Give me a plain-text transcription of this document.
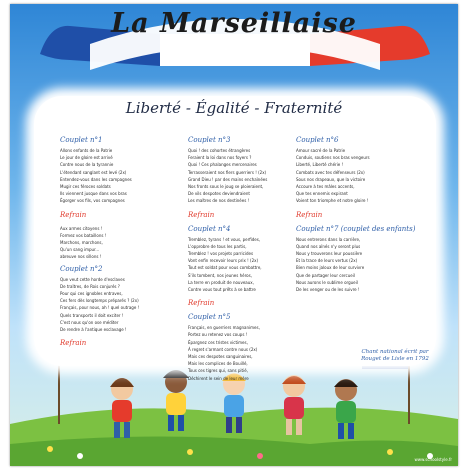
La Marseillaise
Liberté - Égalité - Fraternité
Couplet n°1
Allons enfants de la Patrie
Le jour de gloire est arrivé
Contre nous de la tyrannie
L'étendard sanglant est levé (2x)
Entendez-vous dans les campagnes
Mugir ces féroces soldats
Ils viennent jusque dans vos bras
Égorger vos fils, vos compagnes
Refrain
Aux armes citoyens !
Formez vos bataillons !
Marchons, marchons,
Qu'un sang impur...
abreuve nos sillons !
Couplet n°2
Que veut cette horde d'esclaves
De traîtres, de Rois conjurés ?
Pour qui ces ignobles entraves,
Ces fers dès longtemps préparés ? (2x)
Français, pour nous, ah ! quel outrage !
Quels transports il doit exciter !
C'est nous qu'on ose méditer
De rendre à l'antique esclavage !
Refrain
Couplet n°3
Quoi ! des cohortes étrangères
Feraient la loi dans nos foyers ?
Quoi ! Ces phalanges mercenaires
Terrasseraient nos fiers guerriers ! (2x)
Grand Dieu ! par des mains enchaînées
Nos fronts sous le joug se ploieraient,
De vils despotes deviendraient
Les maîtres de nos destinées !
Refrain
Couplet n°4
Tremblez, tyrans ! et vous, perfides,
L'opprobre de tous les partis,
Tremblez ! vos projets parricides
Vont enfin recevoir leurs prix ! (2x)
Tout est soldat pour vous combattre,
S'ils tombent, nos jeunes héros,
La terre en produit de nouveaux,
Contre vous tout prêts à se battre
Refrain
Couplet n°5
Français, en guerriers magnanimes,
Portez ou retenez vos coups !
Épargnez ces tristes victimes,
À regret s'armant contre nous (2x)
Mais ces despotes sanguinaires,
Mais les complices de Bouillé,
Tous ces tigres qui, sans pitié,
Déchirent le sein de leur mère
Couplet n°6
Amour sacré de la Patrie
Conduis, soutiens nos bras vengeurs
Liberté, Liberté chérie !
Combats avec tes défenseurs (2x)
Sous nos drapeaux, que la victoire
Accoure à tes mâles accents,
Que tes ennemis expirant
Voient ton triomphe et notre gloire !
Refrain
Couplet n°7 (couplet des enfants)
Nous entrerons dans la carrière,
Quand nos aînés n'y seront plus
Nous y trouverons leur poussière
Et la trace de leurs vertus (2x)
Bien moins jaloux de leur survivre
Que de partager leur cercueil
Nous aurons le sublime orgueil
De les venger ou de les suivre !
Chant national écrit par
Rouget de Lisle en 1792
www.schoolstyle.fr
